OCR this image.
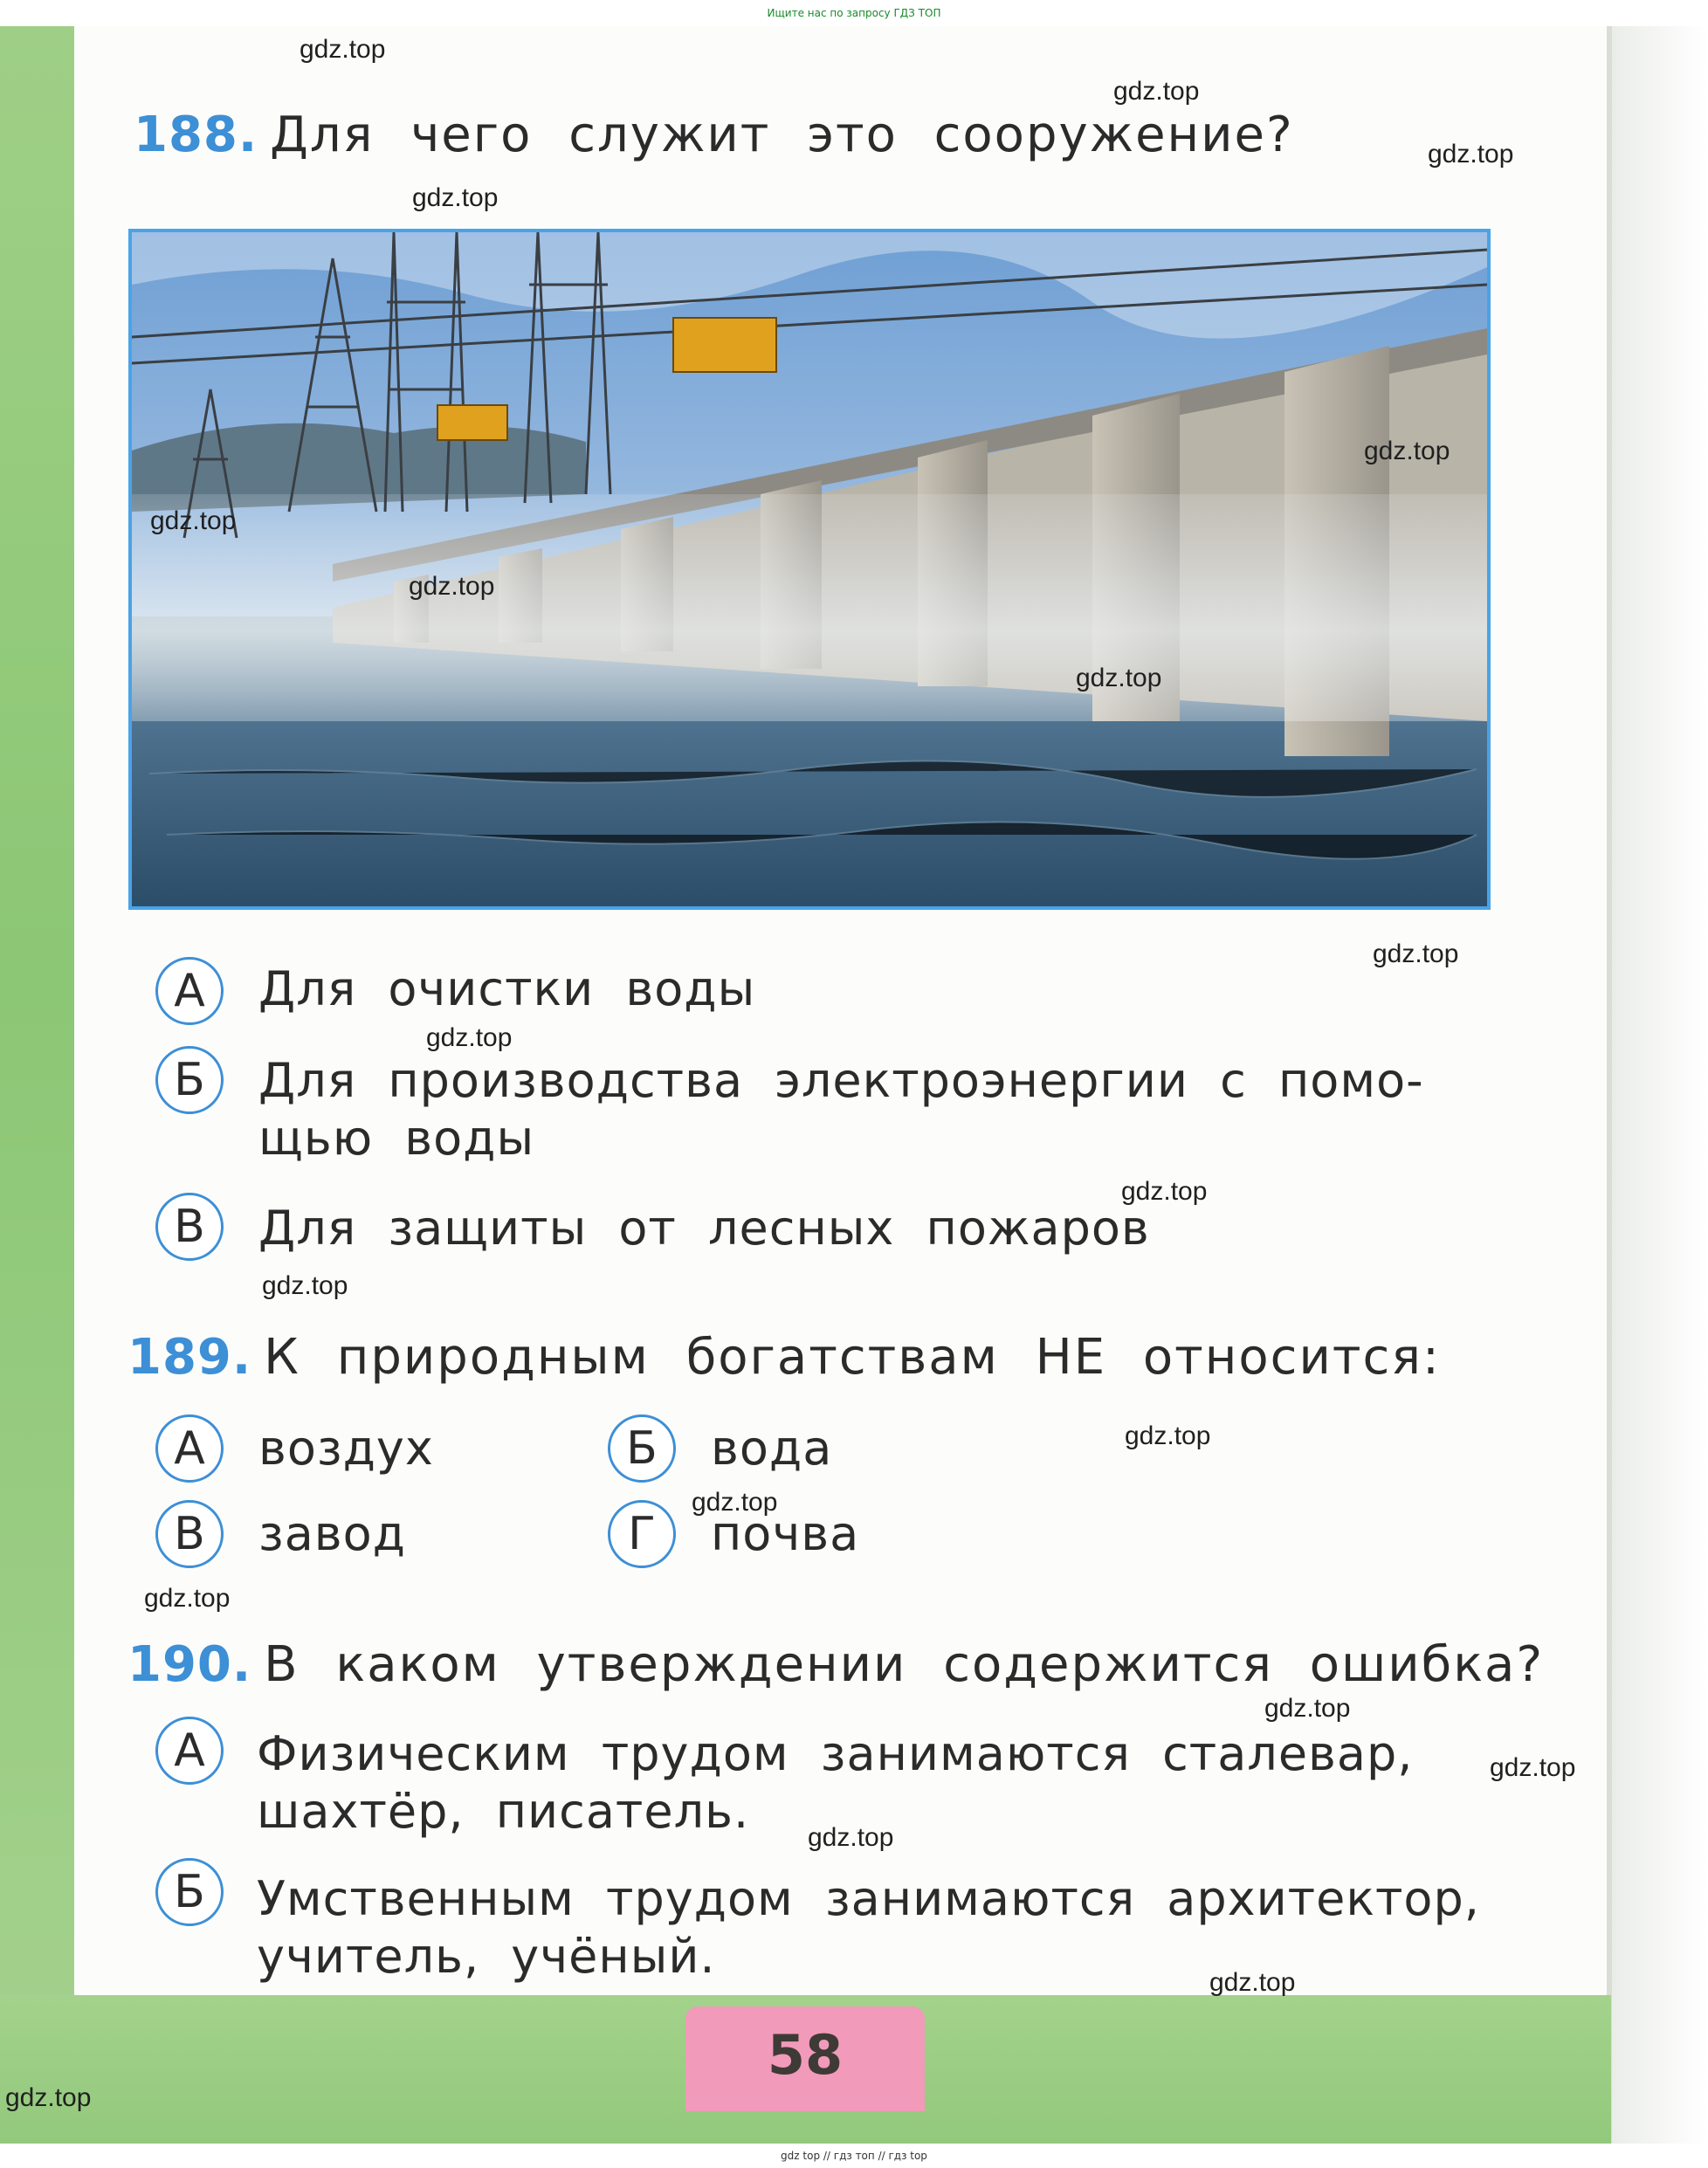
Ищите нас по запросу ГДЗ ТОП
188. Для чего служит это сооружение?
А	Для очистки воды
Б	Для производства электроэнергии с помо-
щью воды
В	Для защиты от лесных пожаров
189. К природным богатствам НЕ относится:
А	воздух	Б	вода
В	завод	Г	почва
190. В каком утверждении содержится ошибка?
А	Физическим трудом занимаются сталевар,
шахтёр, писатель.
Б	Умственным трудом занимаются архитектор,
учитель, учёный.
58
gdz.top
gdz.top
gdz.top
gdz.top
gdz.top
gdz.top
gdz.top
gdz.top
gdz.top
gdz.top
gdz.top
gdz.top
gdz.top
gdz.top
gdz.top
gdz.top
gdz.top
gdz.top
gdz.top
gdz.top
gdz top // гдз топ // гдз top
